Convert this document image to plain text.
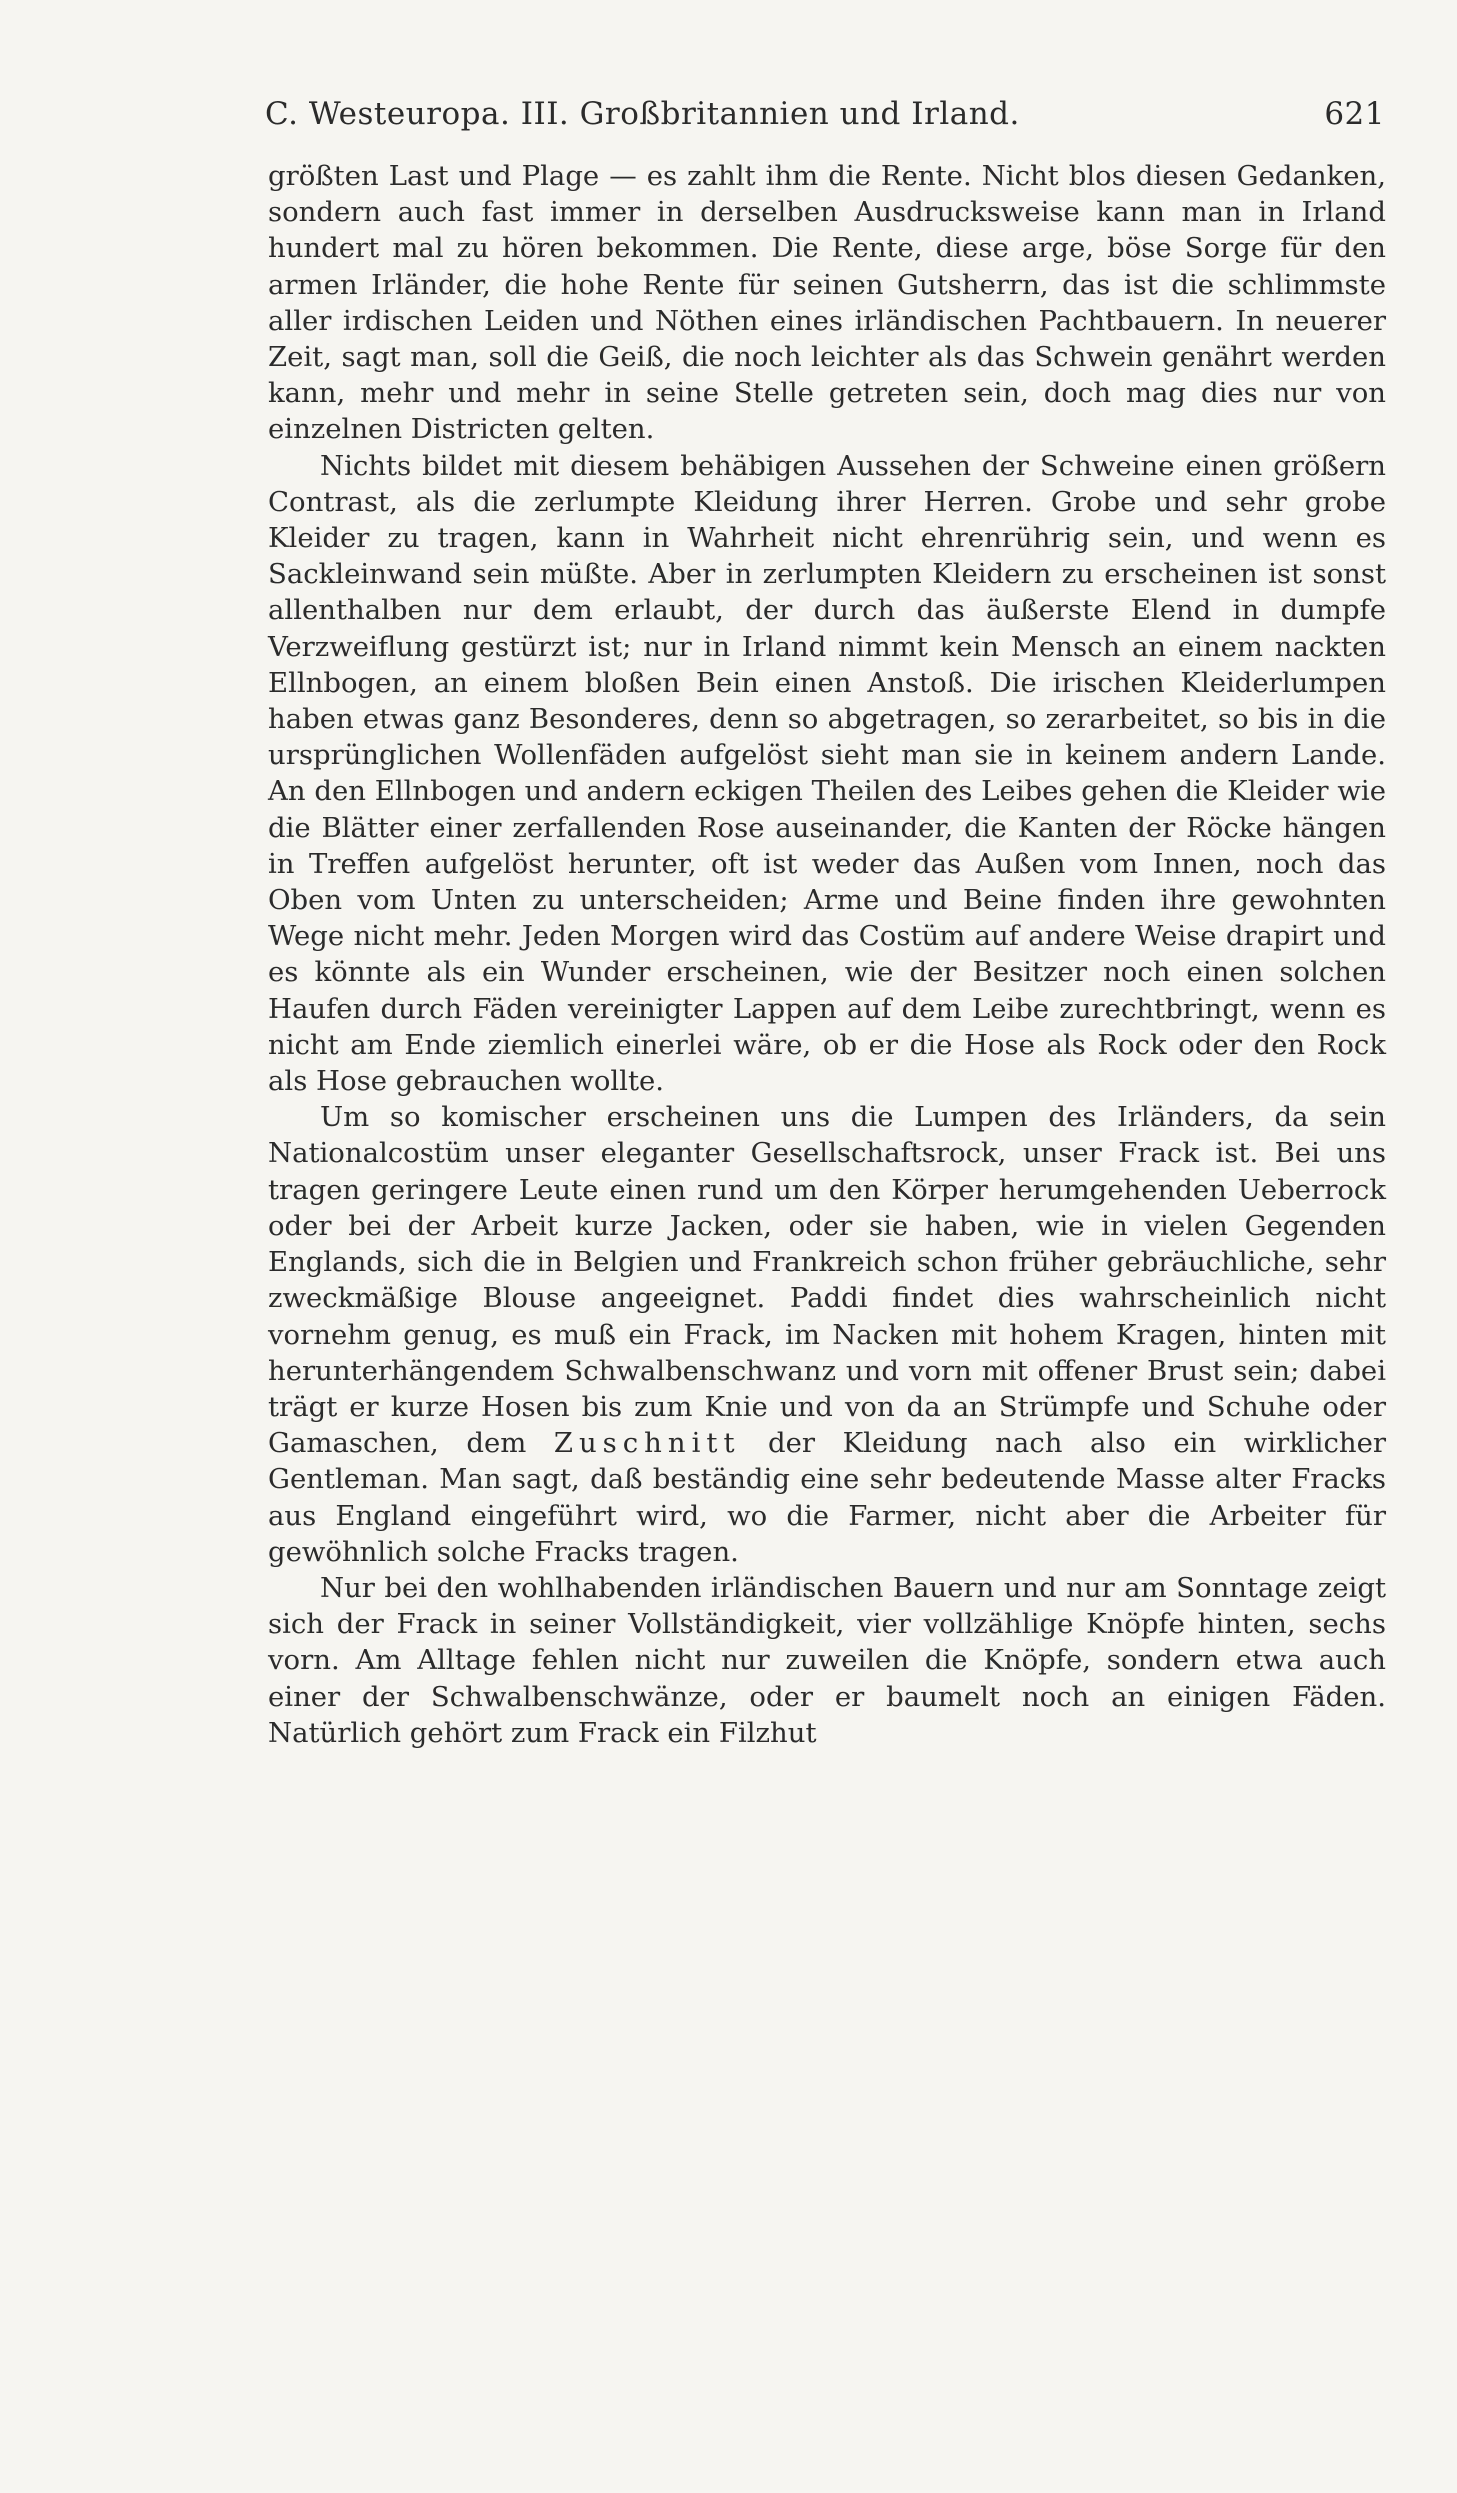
C. Westeuropa. III. Großbritannien und Irland.	621

größten Last und Plage — es zahlt ihm die Rente. Nicht blos diesen Gedanken, sondern auch fast immer in derselben Ausdrucksweise kann man in Irland hundert mal zu hören bekommen. Die Rente, diese arge, böse Sorge für den armen Irländer, die hohe Rente für seinen Gutsherrn, das ist die schlimmste aller irdischen Leiden und Nöthen eines irländischen Pachtbauern. In neuerer Zeit, sagt man, soll die Geiß, die noch leichter als das Schwein genährt werden kann, mehr und mehr in seine Stelle getreten sein, doch mag dies nur von einzelnen Districten gelten.

Nichts bildet mit diesem behäbigen Aussehen der Schweine einen größern Contrast, als die zerlumpte Kleidung ihrer Herren. Grobe und sehr grobe Kleider zu tragen, kann in Wahrheit nicht ehrenrührig sein, und wenn es Sackleinwand sein müßte. Aber in zerlumpten Kleidern zu erscheinen ist sonst allenthalben nur dem erlaubt, der durch das äußerste Elend in dumpfe Verzweiflung gestürzt ist; nur in Irland nimmt kein Mensch an einem nackten Ellnbogen, an einem bloßen Bein einen Anstoß. Die irischen Kleiderlumpen haben etwas ganz Besonderes, denn so abgetragen, so zerarbeitet, so bis in die ursprünglichen Wollenfäden aufgelöst sieht man sie in keinem andern Lande. An den Ellnbogen und andern eckigen Theilen des Leibes gehen die Kleider wie die Blätter einer zerfallenden Rose auseinander, die Kanten der Röcke hängen in Treffen aufgelöst herunter, oft ist weder das Außen vom Innen, noch das Oben vom Unten zu unterscheiden; Arme und Beine finden ihre gewohnten Wege nicht mehr. Jeden Morgen wird das Costüm auf andere Weise drapirt und es könnte als ein Wunder erscheinen, wie der Besitzer noch einen solchen Haufen durch Fäden vereinigter Lappen auf dem Leibe zurechtbringt, wenn es nicht am Ende ziemlich einerlei wäre, ob er die Hose als Rock oder den Rock als Hose gebrauchen wollte.

Um so komischer erscheinen uns die Lumpen des Irländers, da sein Nationalcostüm unser eleganter Gesellschaftsrock, unser Frack ist. Bei uns tragen geringere Leute einen rund um den Körper herumgehenden Ueberrock oder bei der Arbeit kurze Jacken, oder sie haben, wie in vielen Gegenden Englands, sich die in Belgien und Frankreich schon früher gebräuchliche, sehr zweckmäßige Blouse angeeignet. Paddi findet dies wahrscheinlich nicht vornehm genug, es muß ein Frack, im Nacken mit hohem Kragen, hinten mit herunterhängendem Schwalbenschwanz und vorn mit offener Brust sein; dabei trägt er kurze Hosen bis zum Knie und von da an Strümpfe und Schuhe oder Gamaschen, dem Zuschnitt der Kleidung nach also ein wirklicher Gentleman. Man sagt, daß beständig eine sehr bedeutende Masse alter Fracks aus England eingeführt wird, wo die Farmer, nicht aber die Arbeiter für gewöhnlich solche Fracks tragen.

Nur bei den wohlhabenden irländischen Bauern und nur am Sonntage zeigt sich der Frack in seiner Vollständigkeit, vier vollzählige Knöpfe hinten, sechs vorn. Am Alltage fehlen nicht nur zuweilen die Knöpfe, sondern etwa auch einer der Schwalbenschwänze, oder er baumelt noch an einigen Fäden. Natürlich gehört zum Frack ein Filzhut
